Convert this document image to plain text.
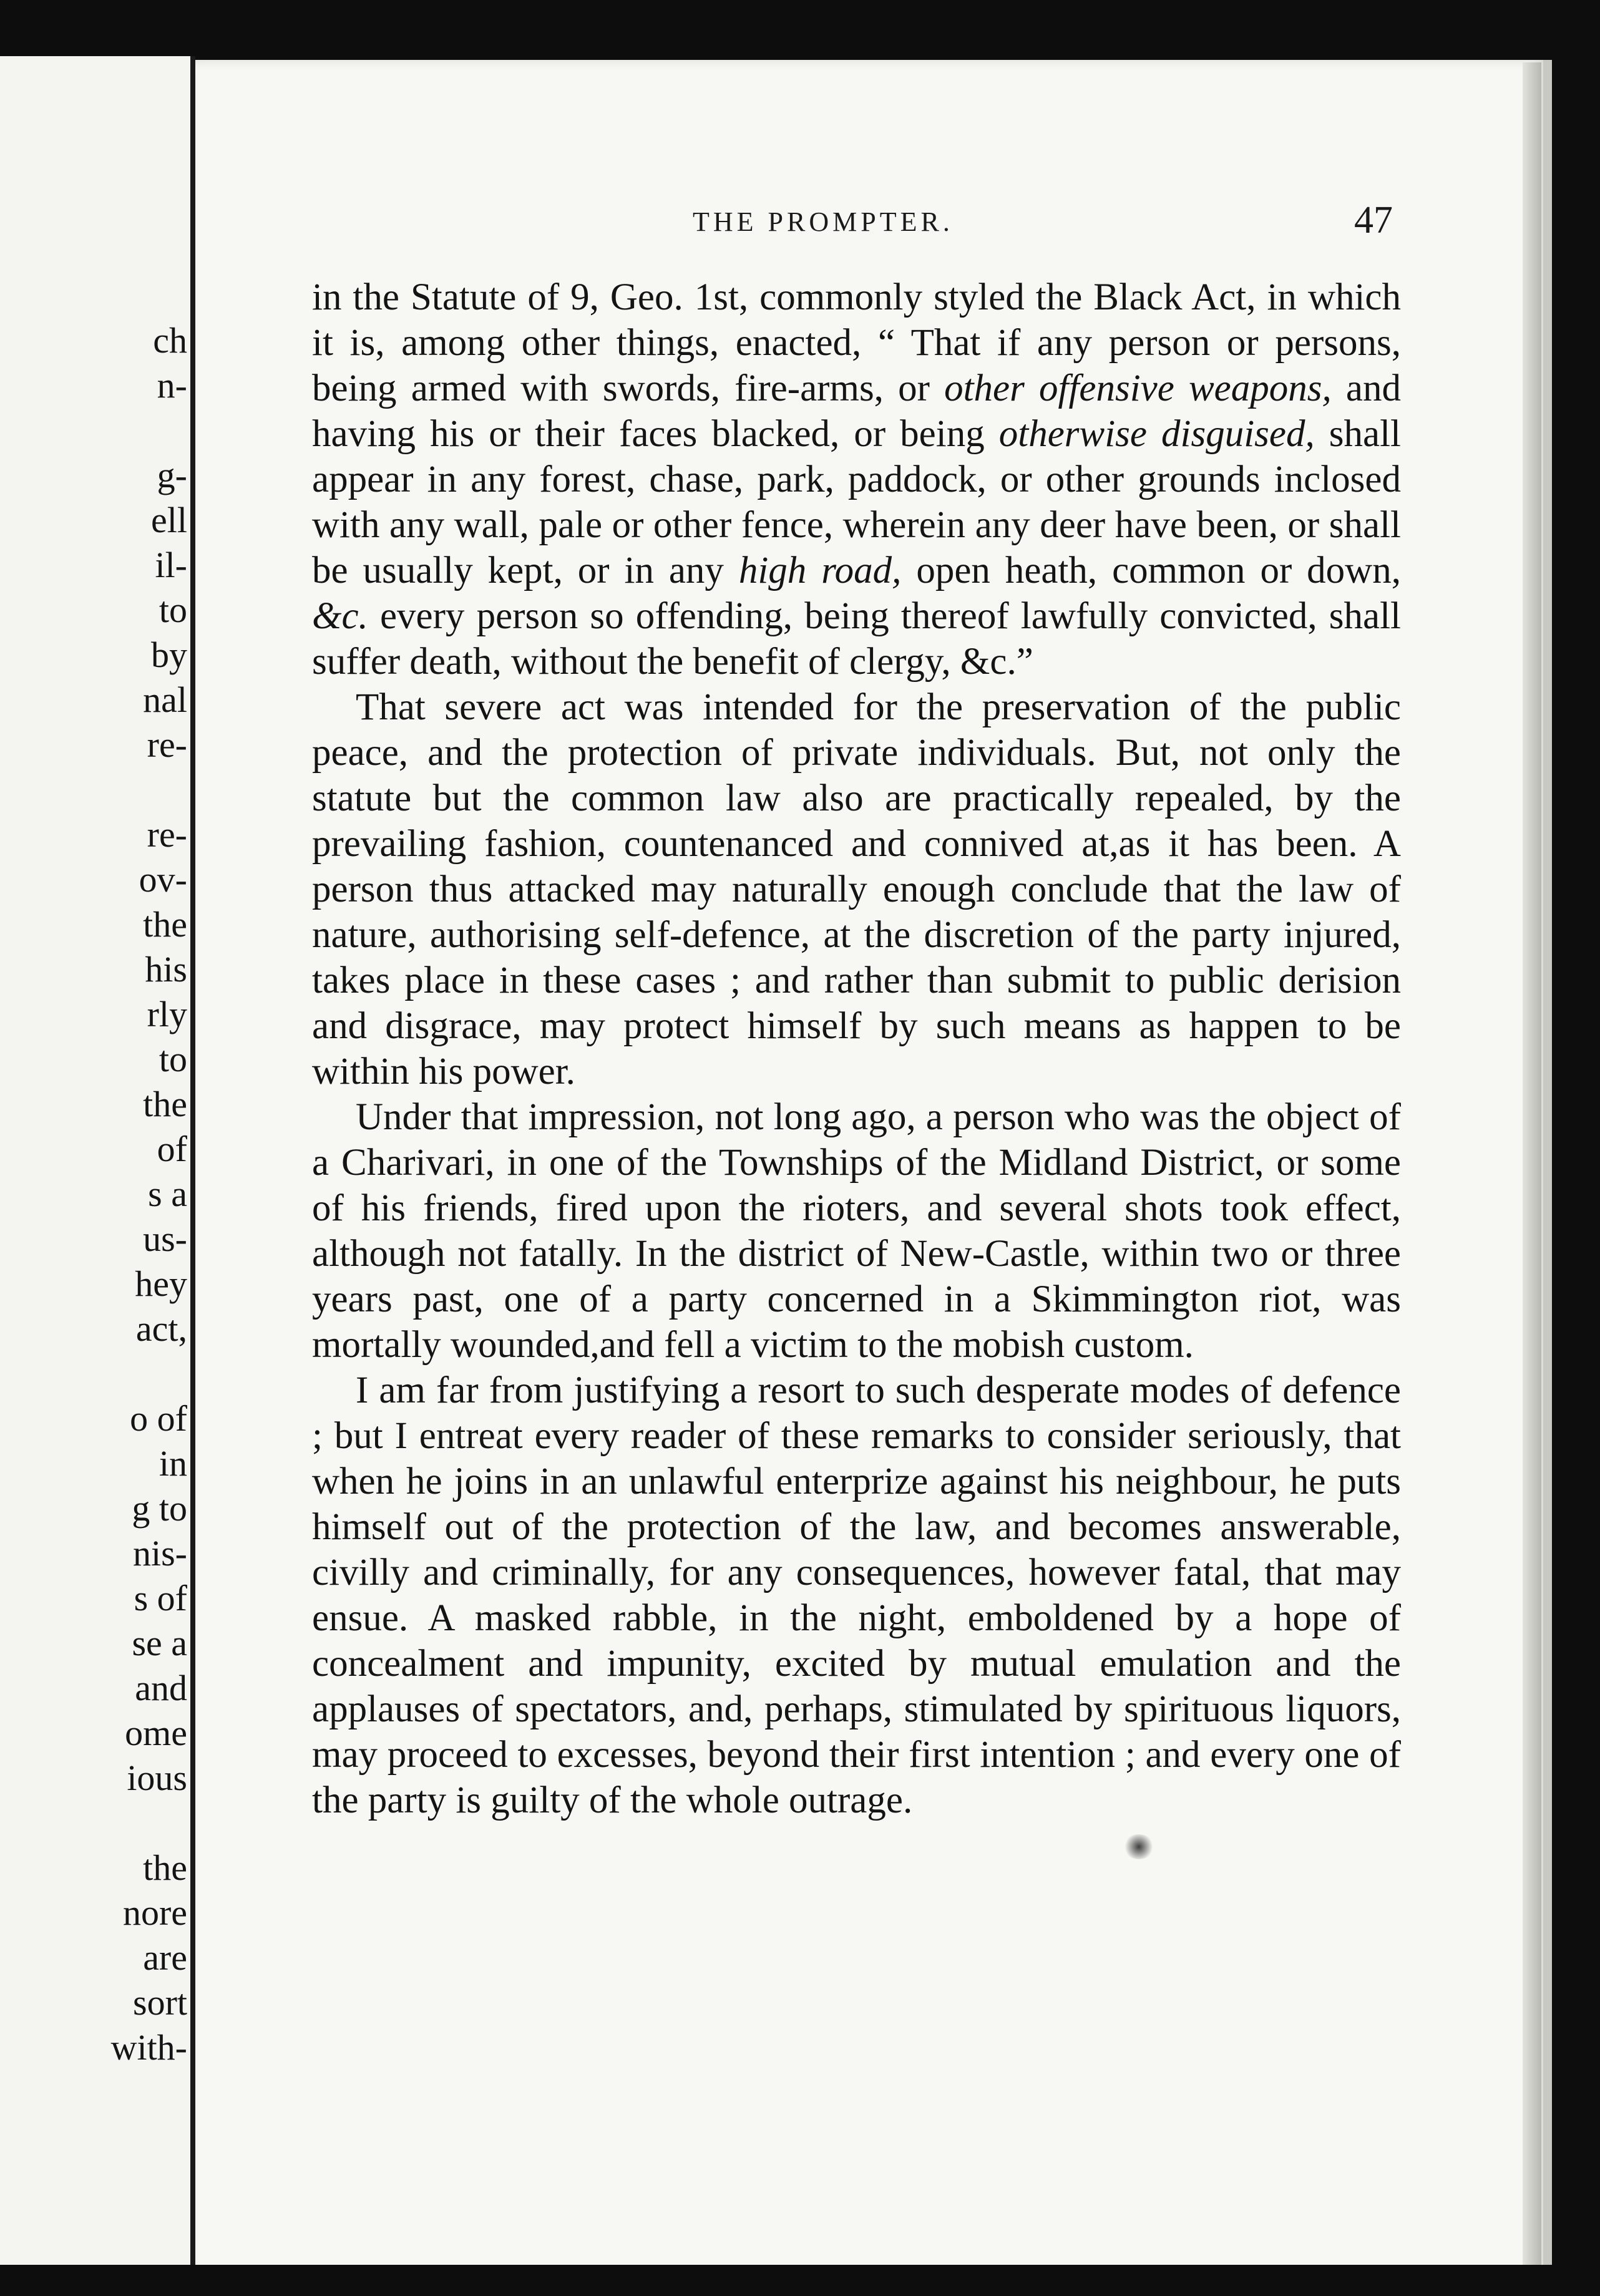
ch
n-
g-
ell
il-
to
by
nal
re-
re-
ov-
the
his
rly
to
the
of
s a
us-
hey
act,
o of
in
g to
nis-
s of
se a
and
ome
ious
the
nore
are
sort
with-
THE PROMPTER.	47

in the Statute of 9, Geo. 1st, commonly styled the Black Act, in which it is, among other things, enacted, “ That if any person or persons, being armed with swords, fire-arms, or other offensive weapons, and having his or their faces blacked, or being otherwise disguised, shall appear in any forest, chase, park, paddock, or other grounds inclosed with any wall, pale or other fence, wherein any deer have been, or shall be usually kept, or in any high road, open heath, common or down, &c. every person so offending, being thereof lawfully convicted, shall suffer death, without the benefit of clergy, &c.”

That severe act was intended for the preservation of the public peace, and the protection of private individuals. But, not only the statute but the common law also are practically repealed, by the prevailing fashion, countenanced and connived at,as it has been. A person thus attacked may naturally enough conclude that the law of nature, authorising self-defence, at the discretion of the party injured, takes place in these cases ; and rather than submit to public derision and disgrace, may protect himself by such means as happen to be within his power.

Under that impression, not long ago, a person who was the object of a Charivari, in one of the Townships of the Midland District, or some of his friends, fired upon the rioters, and several shots took effect, although not fatally. In the district of New-Castle, within two or three years past, one of a party concerned in a Skimmington riot, was mortally wounded,and fell a victim to the mobish custom.

I am far from justifying a resort to such desperate modes of defence ; but I entreat every reader of these remarks to consider seriously, that when he joins in an unlawful enterprize against his neighbour, he puts himself out of the protection of the law, and becomes answerable, civilly and criminally, for any consequences, however fatal, that may ensue. A masked rabble, in the night, emboldened by a hope of concealment and impunity, excited by mutual emulation and the applauses of spectators, and, perhaps, stimulated by spirituous liquors, may proceed to excesses, beyond their first intention ; and every one of the party is guilty of the whole outrage.
